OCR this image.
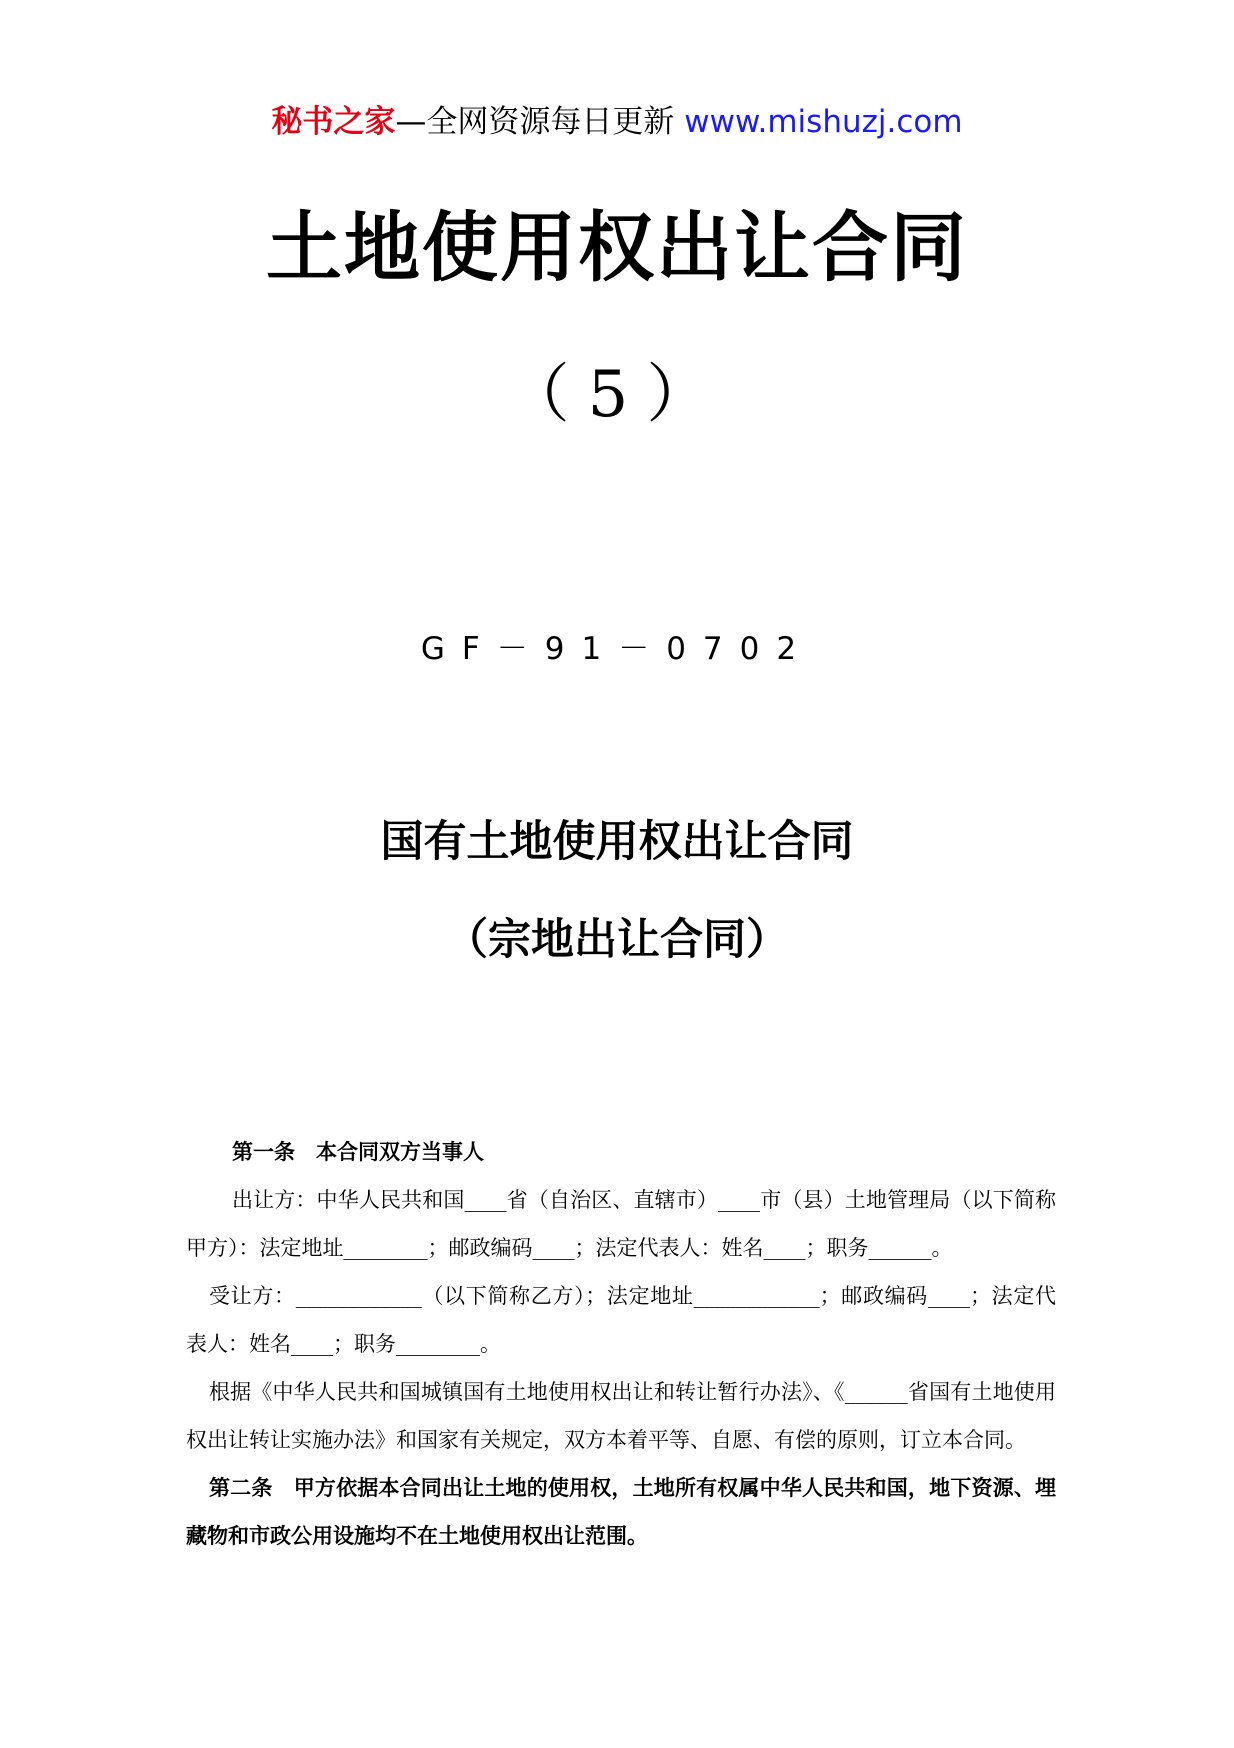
秘书之家—全网资源每日更新 www.mishuzj.com
土地使用权出让合同
（5）
GF－91－0702
国有土地使用权出让合同
（宗地出让合同）

第一条　本合同双方当事人

出让方：中华人民共和国____省（自治区、直辖市）____市（县）土地管理局（以下简称甲方）：法定地址________；邮政编码____；法定代表人：姓名____；职务______。

受让方：____________（以下简称乙方）；法定地址____________；邮政编码____；法定代表人：姓名____；职务________。

根据《中华人民共和国城镇国有土地使用权出让和转让暂行办法》、《______省国有土地使用权出让转让实施办法》和国家有关规定，双方本着平等、自愿、有偿的原则，订立本合同。

第二条　甲方依据本合同出让土地的使用权，土地所有权属中华人民共和国，地下资源、埋藏物和市政公用设施均不在土地使用权出让范围。
